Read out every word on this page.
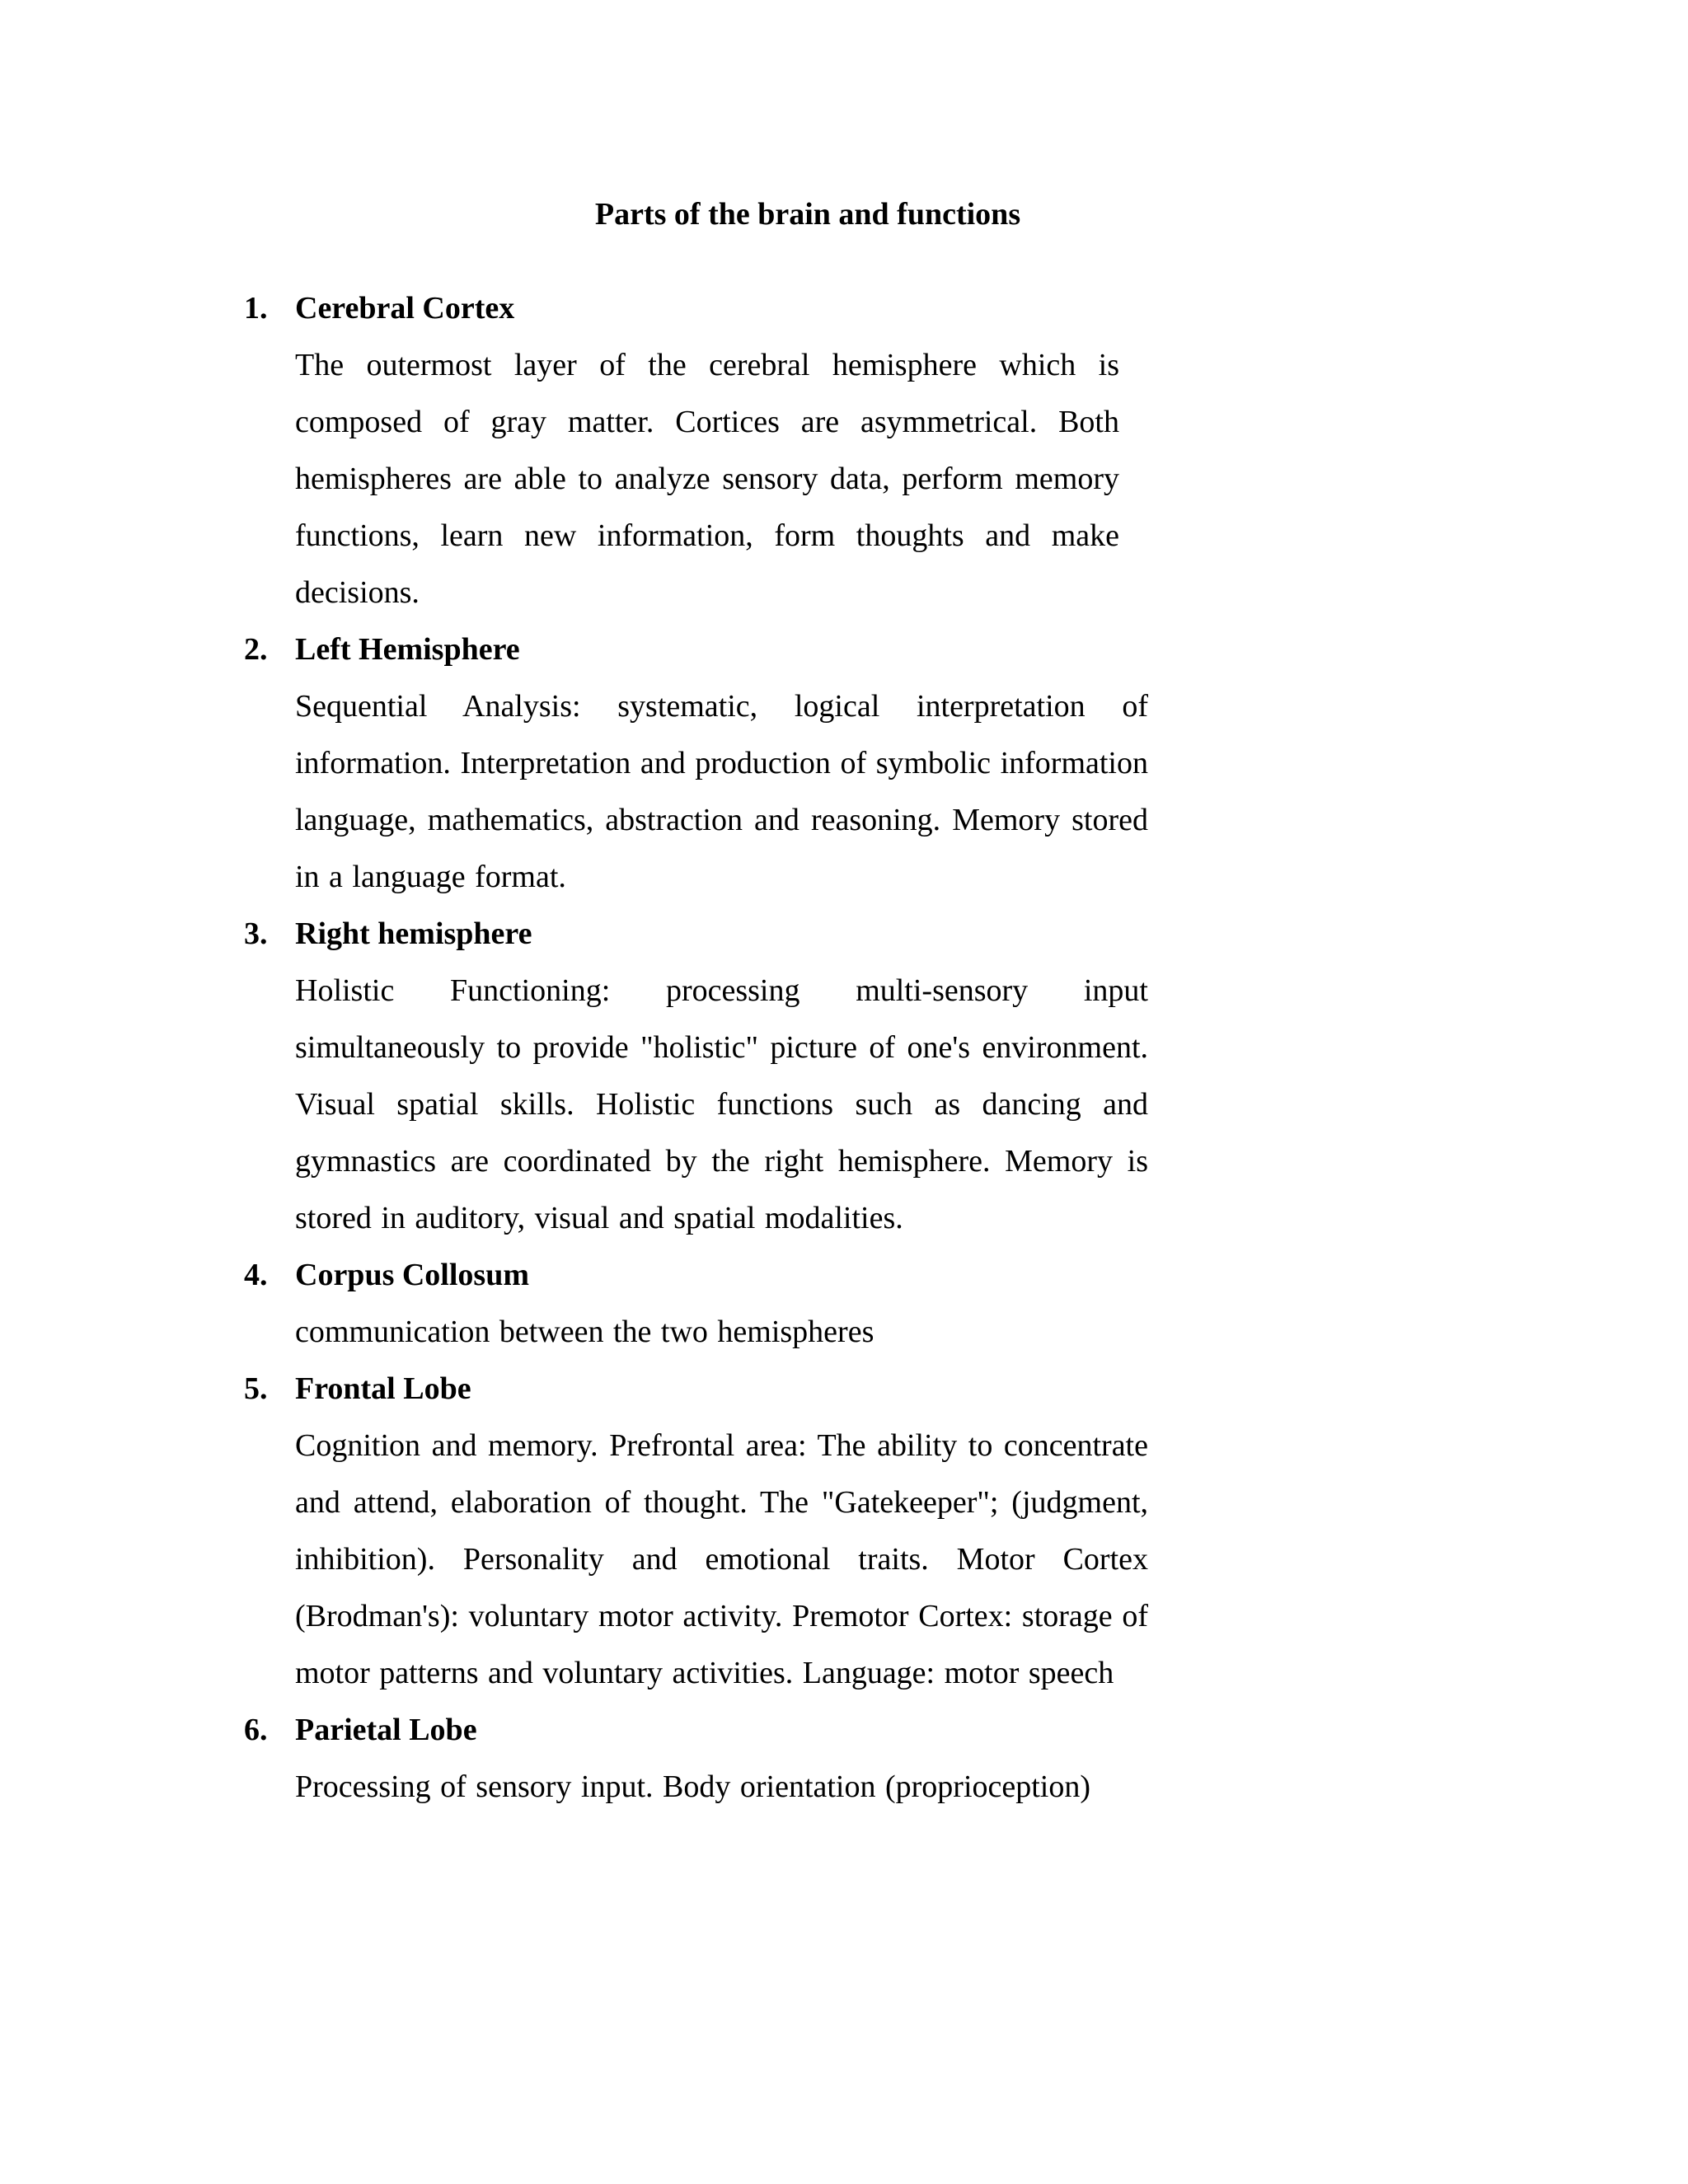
Parts of the brain and functions
1. Cerebral Cortex

The outermost layer of the cerebral hemisphere which is composed of gray matter. Cortices are asymmetrical. Both hemispheres are able to analyze sensory data, perform memory functions, learn new information, form thoughts and make decisions.

2. Left Hemisphere

Sequential Analysis: systematic, logical interpretation of information. Interpretation and production of symbolic information language, mathematics, abstraction and reasoning. Memory stored in a language format.

3. Right hemisphere

Holistic Functioning: processing multi-sensory input simultaneously to provide "holistic" picture of one's environment. Visual spatial skills. Holistic functions such as dancing and gymnastics are coordinated by the right hemisphere. Memory is stored in auditory, visual and spatial modalities.

4. Corpus Collosum

communication between the two hemispheres

5. Frontal Lobe

Cognition and memory. Prefrontal area: The ability to concentrate and attend, elaboration of thought. The "Gatekeeper"; (judgment, inhibition). Personality and emotional traits. Motor Cortex (Brodman's): voluntary motor activity. Premotor Cortex: storage of motor patterns and voluntary activities. Language: motor speech

6. Parietal Lobe

Processing of sensory input. Body orientation (proprioception)
